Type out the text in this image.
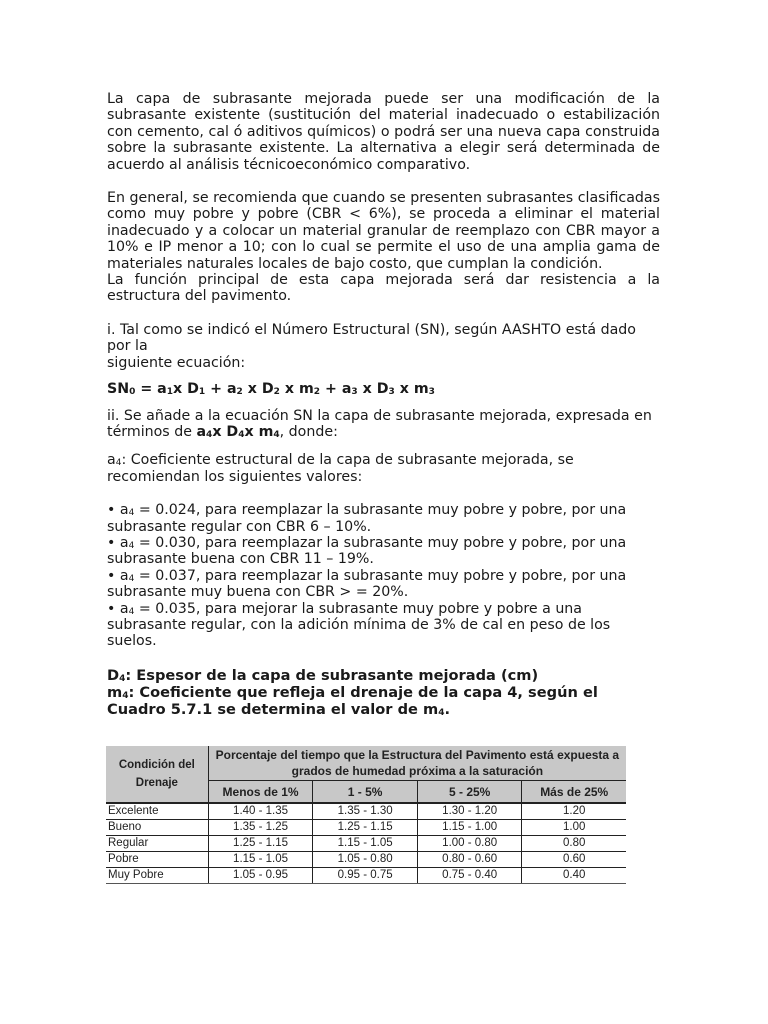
La capa de subrasante mejorada puede ser una modificación de la subrasante existente (sustitución del material inadecuado o estabilización con cemento, cal ó aditivos químicos) o podrá ser una nueva capa construida sobre la subrasante existente. La alternativa a elegir será determinada de acuerdo al análisis técnicoeconómico comparativo.

En general, se recomienda que cuando se presenten subrasantes clasificadas como muy pobre y pobre (CBR < 6%), se proceda a eliminar el material inadecuado y a colocar un material granular de reemplazo con CBR mayor a 10% e IP menor a 10; con lo cual se permite el uso de una amplia gama de materiales naturales locales de bajo costo, que cumplan la condición.

La función principal de esta capa mejorada será dar resistencia a la estructura del pavimento.

i. Tal como se indicó el Número Estructural (SN), según AASHTO está dado por la

siguiente ecuación:

$SN_0 = a_1x$ $D_1 + a_2$ x $D_2$ x $m_2 + a_3$ x $D_3$ x $m_3$

ii. Se añade a la ecuación SN la capa de subrasante mejorada, expresada en términos de $a_4x$ $D_4x$ $m_4$, donde:

$a_4$: Coeficiente estructural de la capa de subrasante mejorada, se recomiendan los siguientes valores:

• $a_4 = 0.024$, para reemplazar la subrasante muy pobre y pobre, por una subrasante regular con CBR 6 – 10%.

• $a_4 = 0.030$, para reemplazar la subrasante muy pobre y pobre, por una subrasante buena con CBR 11 – 19%.

• $a_4 = 0.037$, para reemplazar la subrasante muy pobre y pobre, por una subrasante muy buena con CBR > = 20%.

• $a_4 = 0.035$, para mejorar la subrasante muy pobre y pobre a una subrasante regular, con la adición mínima de 3% de cal en peso de los suelos.

$D_4$: Espesor de la capa de subrasante mejorada (cm)

$m_4$: Coeficiente que refleja el drenaje de la capa 4, según el Cuadro 5.7.1 se determina el valor de $m_4$.

Condición del Drenaje	Porcentaje del tiempo que la Estructura del Pavimento está expuesta a grados de humedad próxima a la saturación			
	Menos de 1%	1 - 5%	5 - 25%	Más de 25%
Excelente	1.40 - 1.35	1.35 - 1.30	1.30 - 1.20	1.20
Bueno	1.35 - 1.25	1.25 - 1.15	1.15 - 1.00	1.00
Regular	1.25 - 1.15	1.15 - 1.05	1.00 - 0.80	0.80
Pobre	1.15 - 1.05	1.05 - 0.80	0.80 - 0.60	0.60
Muy Pobre	1.05 - 0.95	0.95 - 0.75	0.75 - 0.40	0.40
